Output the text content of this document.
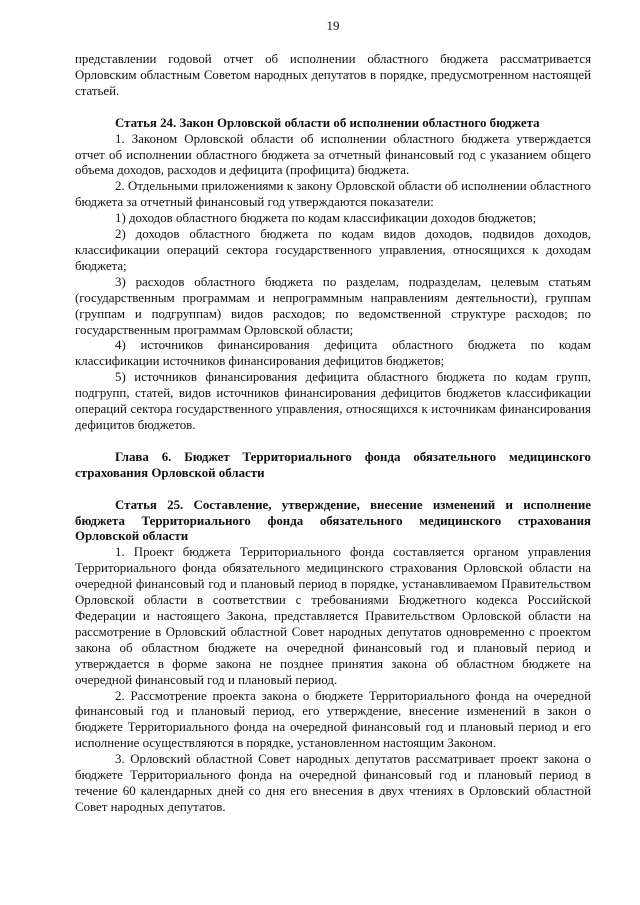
19

представлении годовой отчет об исполнении областного бюджета рассматривается Орловским областным Советом народных депутатов в порядке, предусмотренном настоящей статьей.

Статья 24. Закон Орловской области об исполнении областного бюджета

1. Законом Орловской области об исполнении областного бюджета утверждается отчет об исполнении областного бюджета за отчетный финансовый год с указанием общего объема доходов, расходов и дефицита (профицита) бюджета.

2. Отдельными приложениями к закону Орловской области об исполнении областного бюджета за отчетный финансовый год утверждаются показатели:

1) доходов областного бюджета по кодам классификации доходов бюджетов;

2) доходов областного бюджета по кодам видов доходов, подвидов доходов, классификации операций сектора государственного управления, относящихся к доходам бюджета;

3) расходов областного бюджета по разделам, подразделам, целевым статьям (государственным программам и непрограммным направлениям деятельности), группам (группам и подгруппам) видов расходов; по ведомственной структуре расходов; по государственным программам Орловской области;

4) источников финансирования дефицита областного бюджета по кодам классификации источников финансирования дефицитов бюджетов;

5) источников финансирования дефицита областного бюджета по кодам групп, подгрупп, статей, видов источников финансирования дефицитов бюджетов классификации операций сектора государственного управления, относящихся к источникам финансирования дефицитов бюджетов.

Глава 6. Бюджет Территориального фонда обязательного медицинского страхования Орловской области
Статья 25. Составление, утверждение, внесение изменений и исполнение бюджета Территориального фонда обязательного медицинского страхования Орловской области

1. Проект бюджета Территориального фонда составляется органом управления Территориального фонда обязательного медицинского страхования Орловской области на очередной финансовый год и плановый период в порядке, устанавливаемом Правительством Орловской области в соответствии с требованиями Бюджетного кодекса Российской Федерации и настоящего Закона, представляется Правительством Орловской области на рассмотрение в Орловский областной Совет народных депутатов одновременно с проектом закона об областном бюджете на очередной финансовый год и плановый период и утверждается в форме закона не позднее принятия закона об областном бюджете на очередной финансовый год и плановый период.

2. Рассмотрение проекта закона о бюджете Территориального фонда на очередной финансовый год и плановый период, его утверждение, внесение изменений в закон о бюджете Территориального фонда на очередной финансовый год и плановый период и его исполнение осуществляются в порядке, установленном настоящим Законом.

3. Орловский областной Совет народных депутатов рассматривает проект закона о бюджете Территориального фонда на очередной финансовый год и плановый период в течение 60 календарных дней со дня его внесения в двух чтениях в Орловский областной Совет народных депутатов.
